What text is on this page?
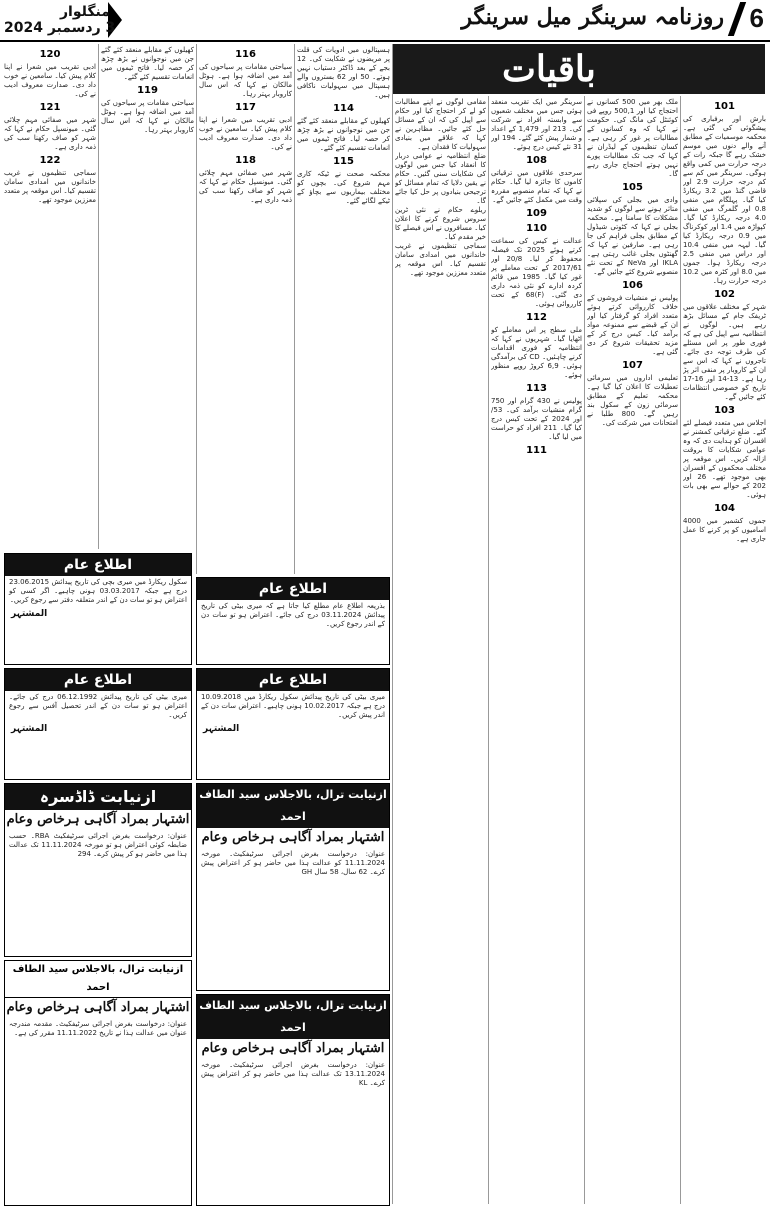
6
روزنامہ سرینگر میل سرینگر
منگلوار
3 ردسمبر 2024
باقیات
101
بارش اور برفباری کی پیشگوئی کی گئی ہے۔ محکمہ موسمیات کے مطابق آنے والے دنوں میں موسم خشک رہے گا جبکہ رات کے درجہ حرارت میں کمی واقع ہوگی۔ سرینگر میں کم سے کم درجہ حرارت 2.9 اور قاضی گنڈ میں 3.2 ریکارڈ کیا گیا۔ پہلگام میں منفی 0.8 اور گلمرگ میں منفی 4.0 درجہ ریکارڈ کیا گیا۔ کپواڑہ میں 1.4 اور کوکرناگ میں 0.9 درجہ ریکارڈ کیا گیا۔ لیہہ میں منفی 10.4 اور دراس میں منفی 2.5 درجہ ریکارڈ ہوا۔ جموں میں 8.0 اور کٹرہ میں 10.2 درجہ حرارت رہا۔
102
شہر کے مختلف علاقوں میں ٹریفک جام کے مسائل بڑھ رہے ہیں۔ لوگوں نے انتظامیہ سے اپیل کی ہے کہ فوری طور پر اس مسئلے کی طرف توجہ دی جائے۔ تاجروں نے کہا کہ اس سے ان کے کاروبار پر منفی اثر پڑ رہا ہے۔ 13-14 اور 16-17 تاریخ کو خصوصی انتظامات کئے جائیں گے۔
103
اجلاس میں متعدد فیصلے لئے گئے۔ ضلع ترقیاتی کمشنر نے افسران کو ہدایت دی کہ وہ عوامی شکایات کا بروقت ازالہ کریں۔ اس موقعہ پر مختلف محکموں کے افسران بھی موجود تھے۔ 26 اور 202 کے حوالے سے بھی بات ہوئی۔
104
جموں کشمیر میں 4000 اسامیوں کو پر کرنے کا عمل جاری ہے۔
ملک بھر میں 500 کسانوں نے احتجاج کیا اور 500,1 روپے فی کوئنٹل کی مانگ کی۔ حکومت نے کہا کہ وہ کسانوں کے مطالبات پر غور کر رہی ہے۔ کسان تنظیموں کے لیڈران نے کہا کہ جب تک مطالبات پورے نہیں ہوتے احتجاج جاری رہے گا۔
105
وادی میں بجلی کی سپلائی متاثر ہونے سے لوگوں کو شدید مشکلات کا سامنا ہے۔ محکمہ بجلی نے کہا کہ کٹوتی شیڈول کے مطابق بجلی فراہم کی جا رہی ہے۔ صارفین نے کہا کہ گھنٹوں بجلی غائب رہتی ہے۔ IKLA اور NeVa کے تحت نئے منصوبے شروع کئے جائیں گے۔
106
پولیس نے منشیات فروشوں کے خلاف کارروائی کرتے ہوئے متعدد افراد کو گرفتار کیا اور ان کے قبضے سے ممنوعہ مواد برآمد کیا۔ کیس درج کر کے مزید تحقیقات شروع کر دی گئی ہے۔
107
تعلیمی اداروں میں سرمائی تعطیلات کا اعلان کیا گیا ہے۔ محکمہ تعلیم کے مطابق سرمائی زون کے سکول بند رہیں گے۔ 800 طلبا نے امتحانات میں شرکت کی۔
سرینگر میں ایک تقریب منعقد ہوئی جس میں مختلف شعبوں سے وابستہ افراد نے شرکت کی۔ 213 اور 1,479 کے اعداد و شمار پیش کئے گئے۔ 194 اور 31 نئے کیس درج ہوئے۔
108
سرحدی علاقوں میں ترقیاتی کاموں کا جائزہ لیا گیا۔ حکام نے کہا کہ تمام منصوبے مقررہ وقت میں مکمل کئے جائیں گے۔
109
110
عدالت نے کیس کی سماعت کرتے ہوئے 2025 تک فیصلہ محفوظ کر لیا۔ 20/8 اور 2017/61 کے تحت معاملے پر غور کیا گیا۔ 1985 میں قائم کردہ ادارے کو نئی ذمہ داری دی گئی۔ (F)68 کے تحت کارروائی ہوئی۔
112
ملی سطح پر اس معاملے کو اٹھایا گیا۔ شہریوں نے کہا کہ انتظامیہ کو فوری اقدامات کرنے چاہئیں۔ CD کی برآمدگی ہوئی۔ 6,9 کروڑ روپے منظور ہوئے۔
113
پولیس نے 430 گرام اور 750 گرام منشیات برآمد کی۔ 53/ اور 2024 کے تحت کیس درج کیا گیا۔ 211 افراد کو حراست میں لیا گیا۔
111
مقامی لوگوں نے اپنے مطالبات کو لے کر احتجاج کیا اور حکام سے اپیل کی کہ ان کے مسائل حل کئے جائیں۔ مظاہرین نے کہا کہ علاقے میں بنیادی سہولیات کا فقدان ہے۔
ضلع انتظامیہ نے عوامی دربار کا انعقاد کیا جس میں لوگوں کی شکایات سنی گئیں۔ حکام نے یقین دلایا کہ تمام مسائل کو ترجیحی بنیادوں پر حل کیا جائے گا۔
ریلوے حکام نے نئی ٹرین سروس شروع کرنے کا اعلان کیا۔ مسافروں نے اس فیصلے کا خیر مقدم کیا۔
سماجی تنظیموں نے غریب خاندانوں میں امدادی سامان تقسیم کیا۔ اس موقعہ پر متعدد معززین موجود تھے۔
ہسپتالوں میں ادویات کی قلت پر مریضوں نے شکایت کی۔ 12 بجے کے بعد ڈاکٹر دستیاب نہیں ہوتے۔ 50 اور 62 بستروں والے ہسپتال میں سہولیات ناکافی ہیں۔
114
کھیلوں کے مقابلے منعقد کئے گئے جن میں نوجوانوں نے بڑھ چڑھ کر حصہ لیا۔ فاتح ٹیموں میں انعامات تقسیم کئے گئے۔
115
محکمہ صحت نے ٹیکہ کاری مہم شروع کی۔ بچوں کو مختلف بیماریوں سے بچاؤ کے ٹیکے لگائے گئے۔
116
سیاحتی مقامات پر سیاحوں کی آمد میں اضافہ ہوا ہے۔ ہوٹل مالکان نے کہا کہ اس سال کاروبار بہتر رہا۔
117
ادبی تقریب میں شعرا نے اپنا کلام پیش کیا۔ سامعین نے خوب داد دی۔ صدارت معروف ادیب نے کی۔
118
شہر میں صفائی مہم چلائی گئی۔ میونسپل حکام نے کہا کہ شہر کو صاف رکھنا سب کی ذمہ داری ہے۔
کھیلوں کے مقابلے منعقد کئے گئے جن میں نوجوانوں نے بڑھ چڑھ کر حصہ لیا۔ فاتح ٹیموں میں انعامات تقسیم کئے گئے۔
119
سیاحتی مقامات پر سیاحوں کی آمد میں اضافہ ہوا ہے۔ ہوٹل مالکان نے کہا کہ اس سال کاروبار بہتر رہا۔
120
ادبی تقریب میں شعرا نے اپنا کلام پیش کیا۔ سامعین نے خوب داد دی۔ صدارت معروف ادیب نے کی۔
121
شہر میں صفائی مہم چلائی گئی۔ میونسپل حکام نے کہا کہ شہر کو صاف رکھنا سب کی ذمہ داری ہے۔
122
سماجی تنظیموں نے غریب خاندانوں میں امدادی سامان تقسیم کیا۔ اس موقعہ پر متعدد معززین موجود تھے۔
اطلاع عام
سکول ریکارڈ میں میری بچی کی تاریخ پیدائش 23.06.2015 درج ہے جبکہ 03.03.2017 ہونی چاہیے۔ اگر کسی کو اعتراض ہو تو سات دن کے اندر متعلقہ دفتر سے رجوع کریں۔
المشتہر
اطلاع عام
بذریعہ اطلاع عام مطلع کیا جاتا ہے کہ میری بیٹی کی تاریخ پیدائش 03.11.2024 درج کی جائے۔ اعتراض ہو تو سات دن کے اندر رجوع کریں۔
اطلاع عام
میری بیٹی کی تاریخ پیدائش 06.12.1992 درج کی جائے۔ اعتراض ہو تو سات دن کے اندر تحصیل آفس سے رجوع کریں۔
المشتہر
اطلاع عام
میری بیٹی کی تاریخ پیدائش سکول ریکارڈ میں 10.09.2018 درج ہے جبکہ 10.02.2017 ہونی چاہیے۔ اعتراض سات دن کے اندر پیش کریں۔
المشتہر
ازنیابت ڈاڈسرہ
اشتہار بمراد آگاہی ہرخاص وعام
عنوان: درخواست بغرض اجرائی سرٹیفکیٹ RBA۔ حسب ضابطہ کوئی اعتراض ہو تو مورخہ 11.11.2024 تک عدالت ہذا میں حاضر ہو کر پیش کرے۔ 294
ازنیابت ترال، بالاجلاس سید الطاف احمد
اشتہار بمراد آگاہی ہرخاص وعام
عنوان: درخواست بغرض اجرائی سرٹیفکیٹ۔ مورخہ 11.11.2024 کو عدالت ہذا میں حاضر ہو کر اعتراض پیش کرے۔ 62 سال، 58 سال GH
ازنیابت ترال، بالاجلاس سید الطاف احمد
اشتہار بمراد آگاہی ہرخاص وعام
عنوان: درخواست بغرض اجرائی سرٹیفکیٹ۔ مقدمہ مندرجہ عنوان میں عدالت ہذا نے تاریخ 11.11.2022 مقرر کی ہے۔
ازنیابت ترال، بالاجلاس سید الطاف احمد
اشتہار بمراد آگاہی ہرخاص وعام
عنوان: درخواست بغرض اجرائی سرٹیفکیٹ۔ مورخہ 13.11.2024 تک عدالت ہذا میں حاضر ہو کر اعتراض پیش کرے۔ KL
